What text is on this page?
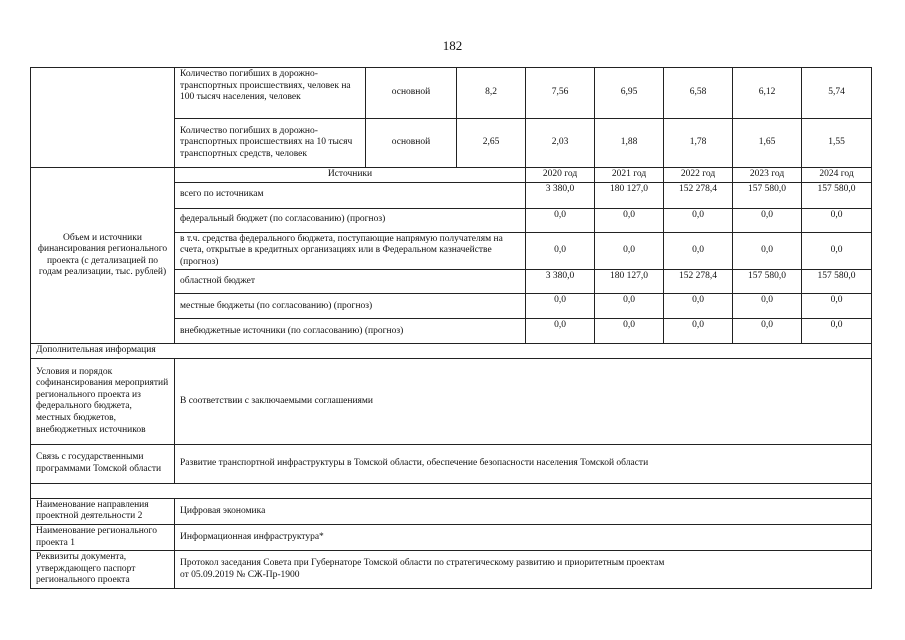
182
	Количество погибших в дорожно-транспортных происшествиях, человек на 100 тысяч населения, человек	основной	8,2	7,56	6,95	6,58	6,12	5,74
	Количество погибших в дорожно-транспортных происшествиях на 10 тысяч транспортных средств, человек	основной	2,65	2,03	1,88	1,78	1,65	1,55
Объем и источники финансирования регионального проекта (с детализацией по годам реализации, тыс. рублей)	Источники			2020 год	2021 год	2022 год	2023 год	2024 год
	всего по источникам			3 380,0	180 127,0	152 278,4	157 580,0	157 580,0
	федеральный бюджет (по согласованию) (прогноз)			0,0	0,0	0,0	0,0	0,0
	в т.ч. средства федерального бюджета, поступающие напрямую получателям на счета, открытые в кредитных организациях или в Федеральном казначействе (прогноз)			0,0	0,0	0,0	0,0	0,0
	областной бюджет			3 380,0	180 127,0	152 278,4	157 580,0	157 580,0
	местные бюджеты (по согласованию) (прогноз)			0,0	0,0	0,0	0,0	0,0
	внебюджетные источники (по согласованию) (прогноз)			0,0	0,0	0,0	0,0	0,0
Дополнительная информация								
Условия и порядок софинансирования мероприятий регионального проекта из федерального бюджета, местных бюджетов, внебюджетных источников	В соответствии с заключаемыми соглашениями							
Связь с государственными программами Томской области	Развитие транспортной инфраструктуры в Томской области, обеспечение безопасности населения Томской области							

Наименование направления проектной деятельности 2	Цифровая экономика							
Наименование регионального проекта 1	Информационная инфраструктура*							
Реквизиты документа, утверждающего паспорт регионального проекта	Протокол заседания Совета при Губернаторе Томской области по стратегическому развитию и приоритетным проектам
от 05.09.2019 № СЖ-Пр-1900							
